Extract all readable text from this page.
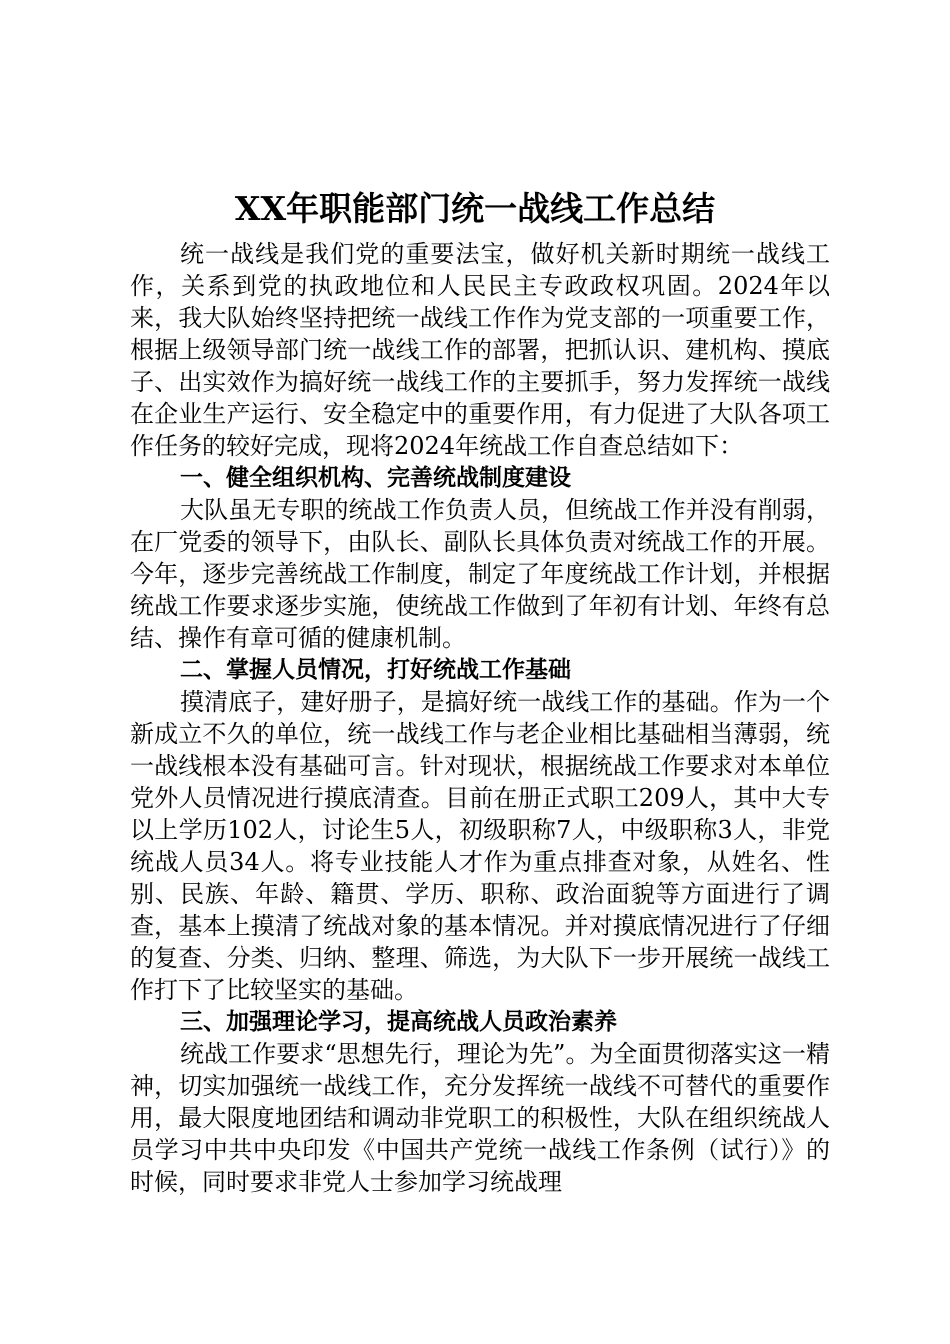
XX年职能部门统一战线工作总结

统一战线是我们党的重要法宝，做好机关新时期统一战线工作，关系到党的执政地位和人民民主专政政权巩固。2024年以来，我大队始终坚持把统一战线工作作为党支部的一项重要工作，根据上级领导部门统一战线工作的部署，把抓认识、建机构、摸底子、出实效作为搞好统一战线工作的主要抓手，努力发挥统一战线在企业生产运行、安全稳定中的重要作用，有力促进了大队各项工作任务的较好完成，现将2024年统战工作自查总结如下：

一、健全组织机构、完善统战制度建设

大队虽无专职的统战工作负责人员，但统战工作并没有削弱，在厂党委的领导下，由队长、副队长具体负责对统战工作的开展。今年，逐步完善统战工作制度，制定了年度统战工作计划，并根据统战工作要求逐步实施，使统战工作做到了年初有计划、年终有总结、操作有章可循的健康机制。

二、掌握人员情况，打好统战工作基础

摸清底子，建好册子，是搞好统一战线工作的基础。作为一个新成立不久的单位，统一战线工作与老企业相比基础相当薄弱，统一战线根本没有基础可言。针对现状，根据统战工作要求对本单位党外人员情况进行摸底清查。目前在册正式职工209人，其中大专以上学历102人，讨论生5人，初级职称7人，中级职称3人，非党统战人员34人。将专业技能人才作为重点排查对象，从姓名、性别、民族、年龄、籍贯、学历、职称、政治面貌等方面进行了调查，基本上摸清了统战对象的基本情况。并对摸底情况进行了仔细的复查、分类、归纳、整理、筛选，为大队下一步开展统一战线工作打下了比较坚实的基础。

三、加强理论学习，提高统战人员政治素养

统战工作要求“思想先行，理论为先”。为全面贯彻落实这一精神，切实加强统一战线工作，充分发挥统一战线不可替代的重要作用，最大限度地团结和调动非党职工的积极性，大队在组织统战人员学习中共中央印发《中国共产党统一战线工作条例（试行）》的时候，同时要求非党人士参加学习统战理
